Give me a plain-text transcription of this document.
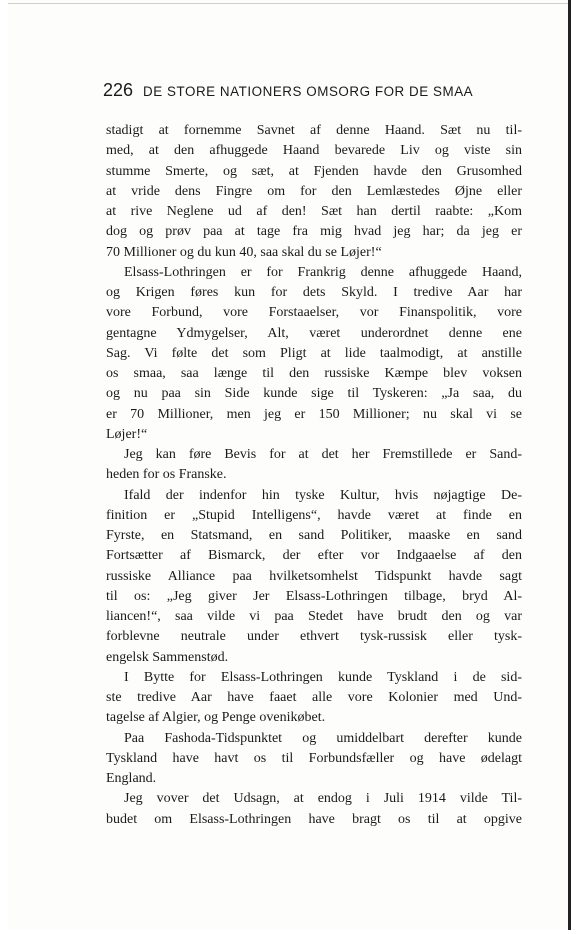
226 DE STORE NATIONERS OMSORG FOR DE SMAA
stadigt at fornemme Savnet af denne Haand. Sæt nu til-
med, at den afhuggede Haand bevarede Liv og viste sin
stumme Smerte, og sæt, at Fjenden havde den Grusomhed
at vride dens Fingre om for den Lemlæstedes Øjne eller
at rive Neglene ud af den! Sæt han dertil raabte: „Kom
dog og prøv paa at tage fra mig hvad jeg har; da jeg er
70 Millioner og du kun 40, saa skal du se Løjer!“
Elsass-Lothringen er for Frankrig denne afhuggede Haand,
og Krigen føres kun for dets Skyld. I tredive Aar har
vore Forbund, vore Forstaaelser, vor Finanspolitik, vore
gentagne Ydmygelser, Alt, været underordnet denne ene
Sag. Vi følte det som Pligt at lide taalmodigt, at anstille
os smaa, saa længe til den russiske Kæmpe blev voksen
og nu paa sin Side kunde sige til Tyskeren: „Ja saa, du
er 70 Millioner, men jeg er 150 Millioner; nu skal vi se
Løjer!“
Jeg kan føre Bevis for at det her Fremstillede er Sand-
heden for os Franske.
Ifald der indenfor hin tyske Kultur, hvis nøjagtige De-
finition er „Stupid Intelligens“, havde været at finde en
Fyrste, en Statsmand, en sand Politiker, maaske en sand
Fortsætter af Bismarck, der efter vor Indgaaelse af den
russiske Alliance paa hvilketsomhelst Tidspunkt havde sagt
til os: „Jeg giver Jer Elsass-Lothringen tilbage, bryd Al-
liancen!“, saa vilde vi paa Stedet have brudt den og var
forblevne neutrale under ethvert tysk-russisk eller tysk-
engelsk Sammenstød.
I Bytte for Elsass-Lothringen kunde Tyskland i de sid-
ste tredive Aar have faaet alle vore Kolonier med Und-
tagelse af Algier, og Penge ovenikøbet.
Paa Fashoda-Tidspunktet og umiddelbart derefter kunde
Tyskland have havt os til Forbundsfæller og have ødelagt
England.
Jeg vover det Udsagn, at endog i Juli 1914 vilde Til-
budet om Elsass-Lothringen have bragt os til at opgive
